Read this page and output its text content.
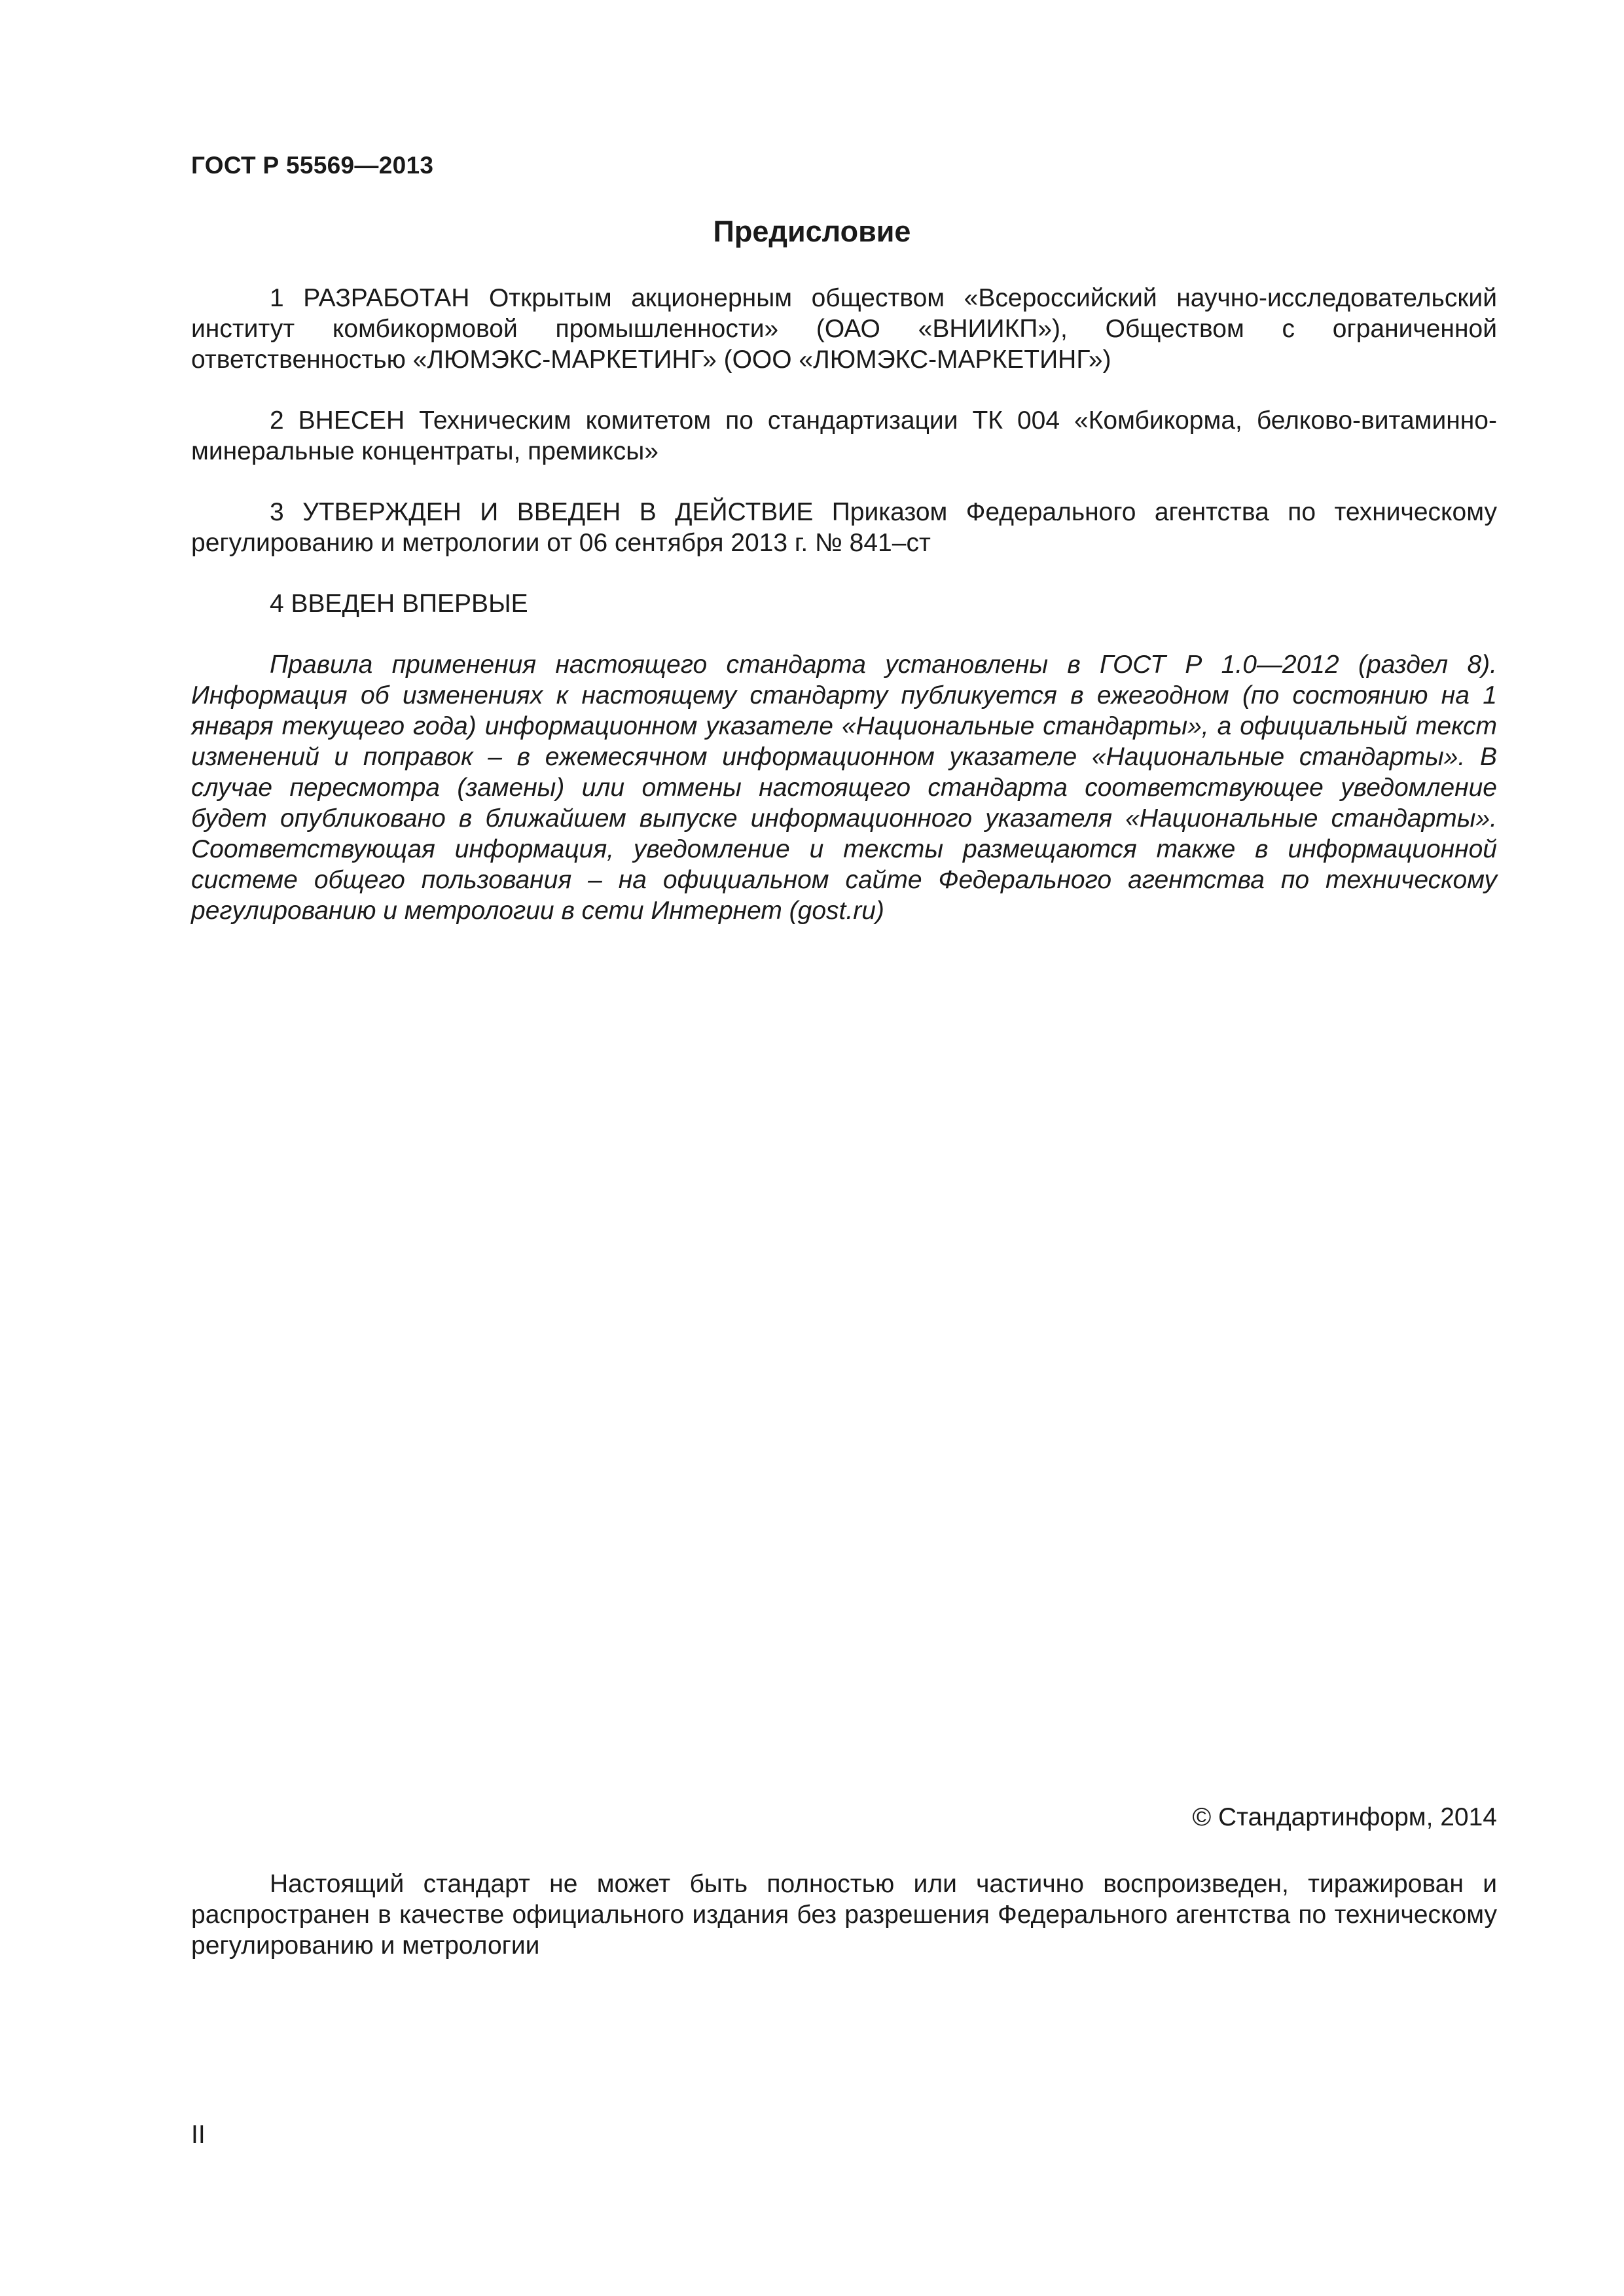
ГОСТ Р 55569—2013
Предисловие

1 РАЗРАБОТАН Открытым акционерным обществом «Всероссийский научно-исследовательский институт комбикормовой промышленности» (ОАО «ВНИИКП»), Обществом с ограниченной ответственностью «ЛЮМЭКС-МАРКЕТИНГ» (ООО «ЛЮМЭКС-МАРКЕТИНГ»)

2 ВНЕСЕН Техническим комитетом по стандартизации ТК 004 «Комбикорма, белково-витаминно-минеральные концентраты, премиксы»

3 УТВЕРЖДЕН И ВВЕДЕН В ДЕЙСТВИЕ Приказом Федерального агентства по техническому регулированию и метрологии от 06 сентября 2013 г. № 841–ст

4 ВВЕДЕН ВПЕРВЫЕ

Правила применения настоящего стандарта установлены в ГОСТ Р 1.0—2012 (раздел 8). Информация об изменениях к настоящему стандарту публикуется в ежегодном (по состоянию на 1 января текущего года) информационном указателе «Национальные стандарты», а официальный текст изменений и поправок – в ежемесячном информационном указателе «Национальные стандарты». В случае пересмотра (замены) или отмены настоящего стандарта соответствующее уведомление будет опубликовано в ближайшем выпуске информационного указателя «Национальные стандарты». Соответствующая информация, уведомление и тексты размещаются также в информационной системе общего пользования – на официальном сайте Федерального агентства по техническому регулированию и метрологии в сети Интернет (gost.ru)

© Стандартинформ, 2014

Настоящий стандарт не может быть полностью или частично воспроизведен, тиражирован и распространен в качестве официального издания без разрешения Федерального агентства по техническому регулированию и метрологии

II
